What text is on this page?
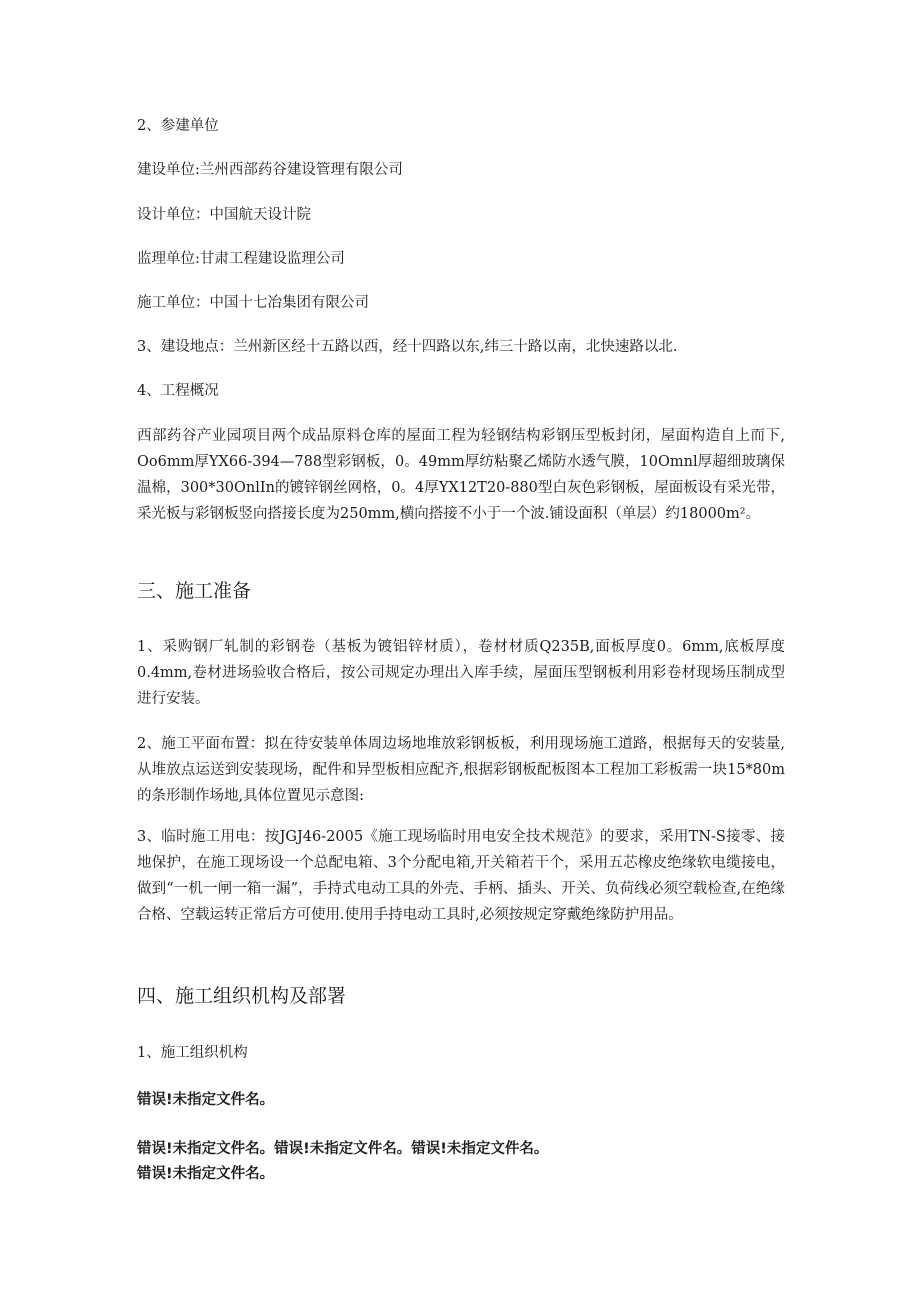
2、参建单位
建设单位:兰州西部药谷建设管理有限公司
设计单位：中国航天设计院
监理单位:甘肃工程建设监理公司
施工单位：中国十七冶集团有限公司
3、建设地点：兰州新区经十五路以西，经十四路以东,纬三十路以南，北快速路以北.
4、工程概况
西部药谷产业园项目两个成品原料仓库的屋面工程为轻钢结构彩钢压型板封闭，屋面构造自上而下, Oo6mm厚YX66-394—788型彩钢板，0。49mm厚纺粘聚乙烯防水透气膜，10Omnl厚超细玻璃保温棉，300*30OnlIn的镀锌钢丝网格，0。4厚YX12T20-880型白灰色彩钢板，屋面板设有采光带，采光板与彩钢板竖向搭接长度为250mm,横向搭接不小于一个波.铺设面积（单层）约18000m²。
三、施工准备
1、采购钢厂轧制的彩钢卷（基板为镀铝锌材质），卷材材质Q235B,面板厚度0。6mm,底板厚度0.4mm,卷材进场验收合格后，按公司规定办理出入库手续，屋面压型钢板利用彩卷材现场压制成型进行安装。
2、施工平面布置：拟在待安装单体周边场地堆放彩钢板板，利用现场施工道路，根据每天的安装量,从堆放点运送到安装现场，配件和异型板相应配齐,根据彩钢板配板图本工程加工彩板需一块15*80m的条形制作场地,具体位置见示意图:
3、临时施工用电：按JGJ46-2005《施工现场临时用电安全技术规范》的要求，采用TN-S接零、接地保护，在施工现场设一个总配电箱、3个分配电箱,开关箱若干个，采用五芯橡皮绝缘软电缆接电，做到“一机一闸一箱一漏”，手持式电动工具的外壳、手柄、插头、开关、负荷线必须空载检查,在绝缘合格、空载运转正常后方可使用.使用手持电动工具时,必须按规定穿戴绝缘防护用品。
四、施工组织机构及部署
1、施工组织机构
错误!未指定文件名。
错误!未指定文件名。错误!未指定文件名。错误!未指定文件名。
错误!未指定文件名。
